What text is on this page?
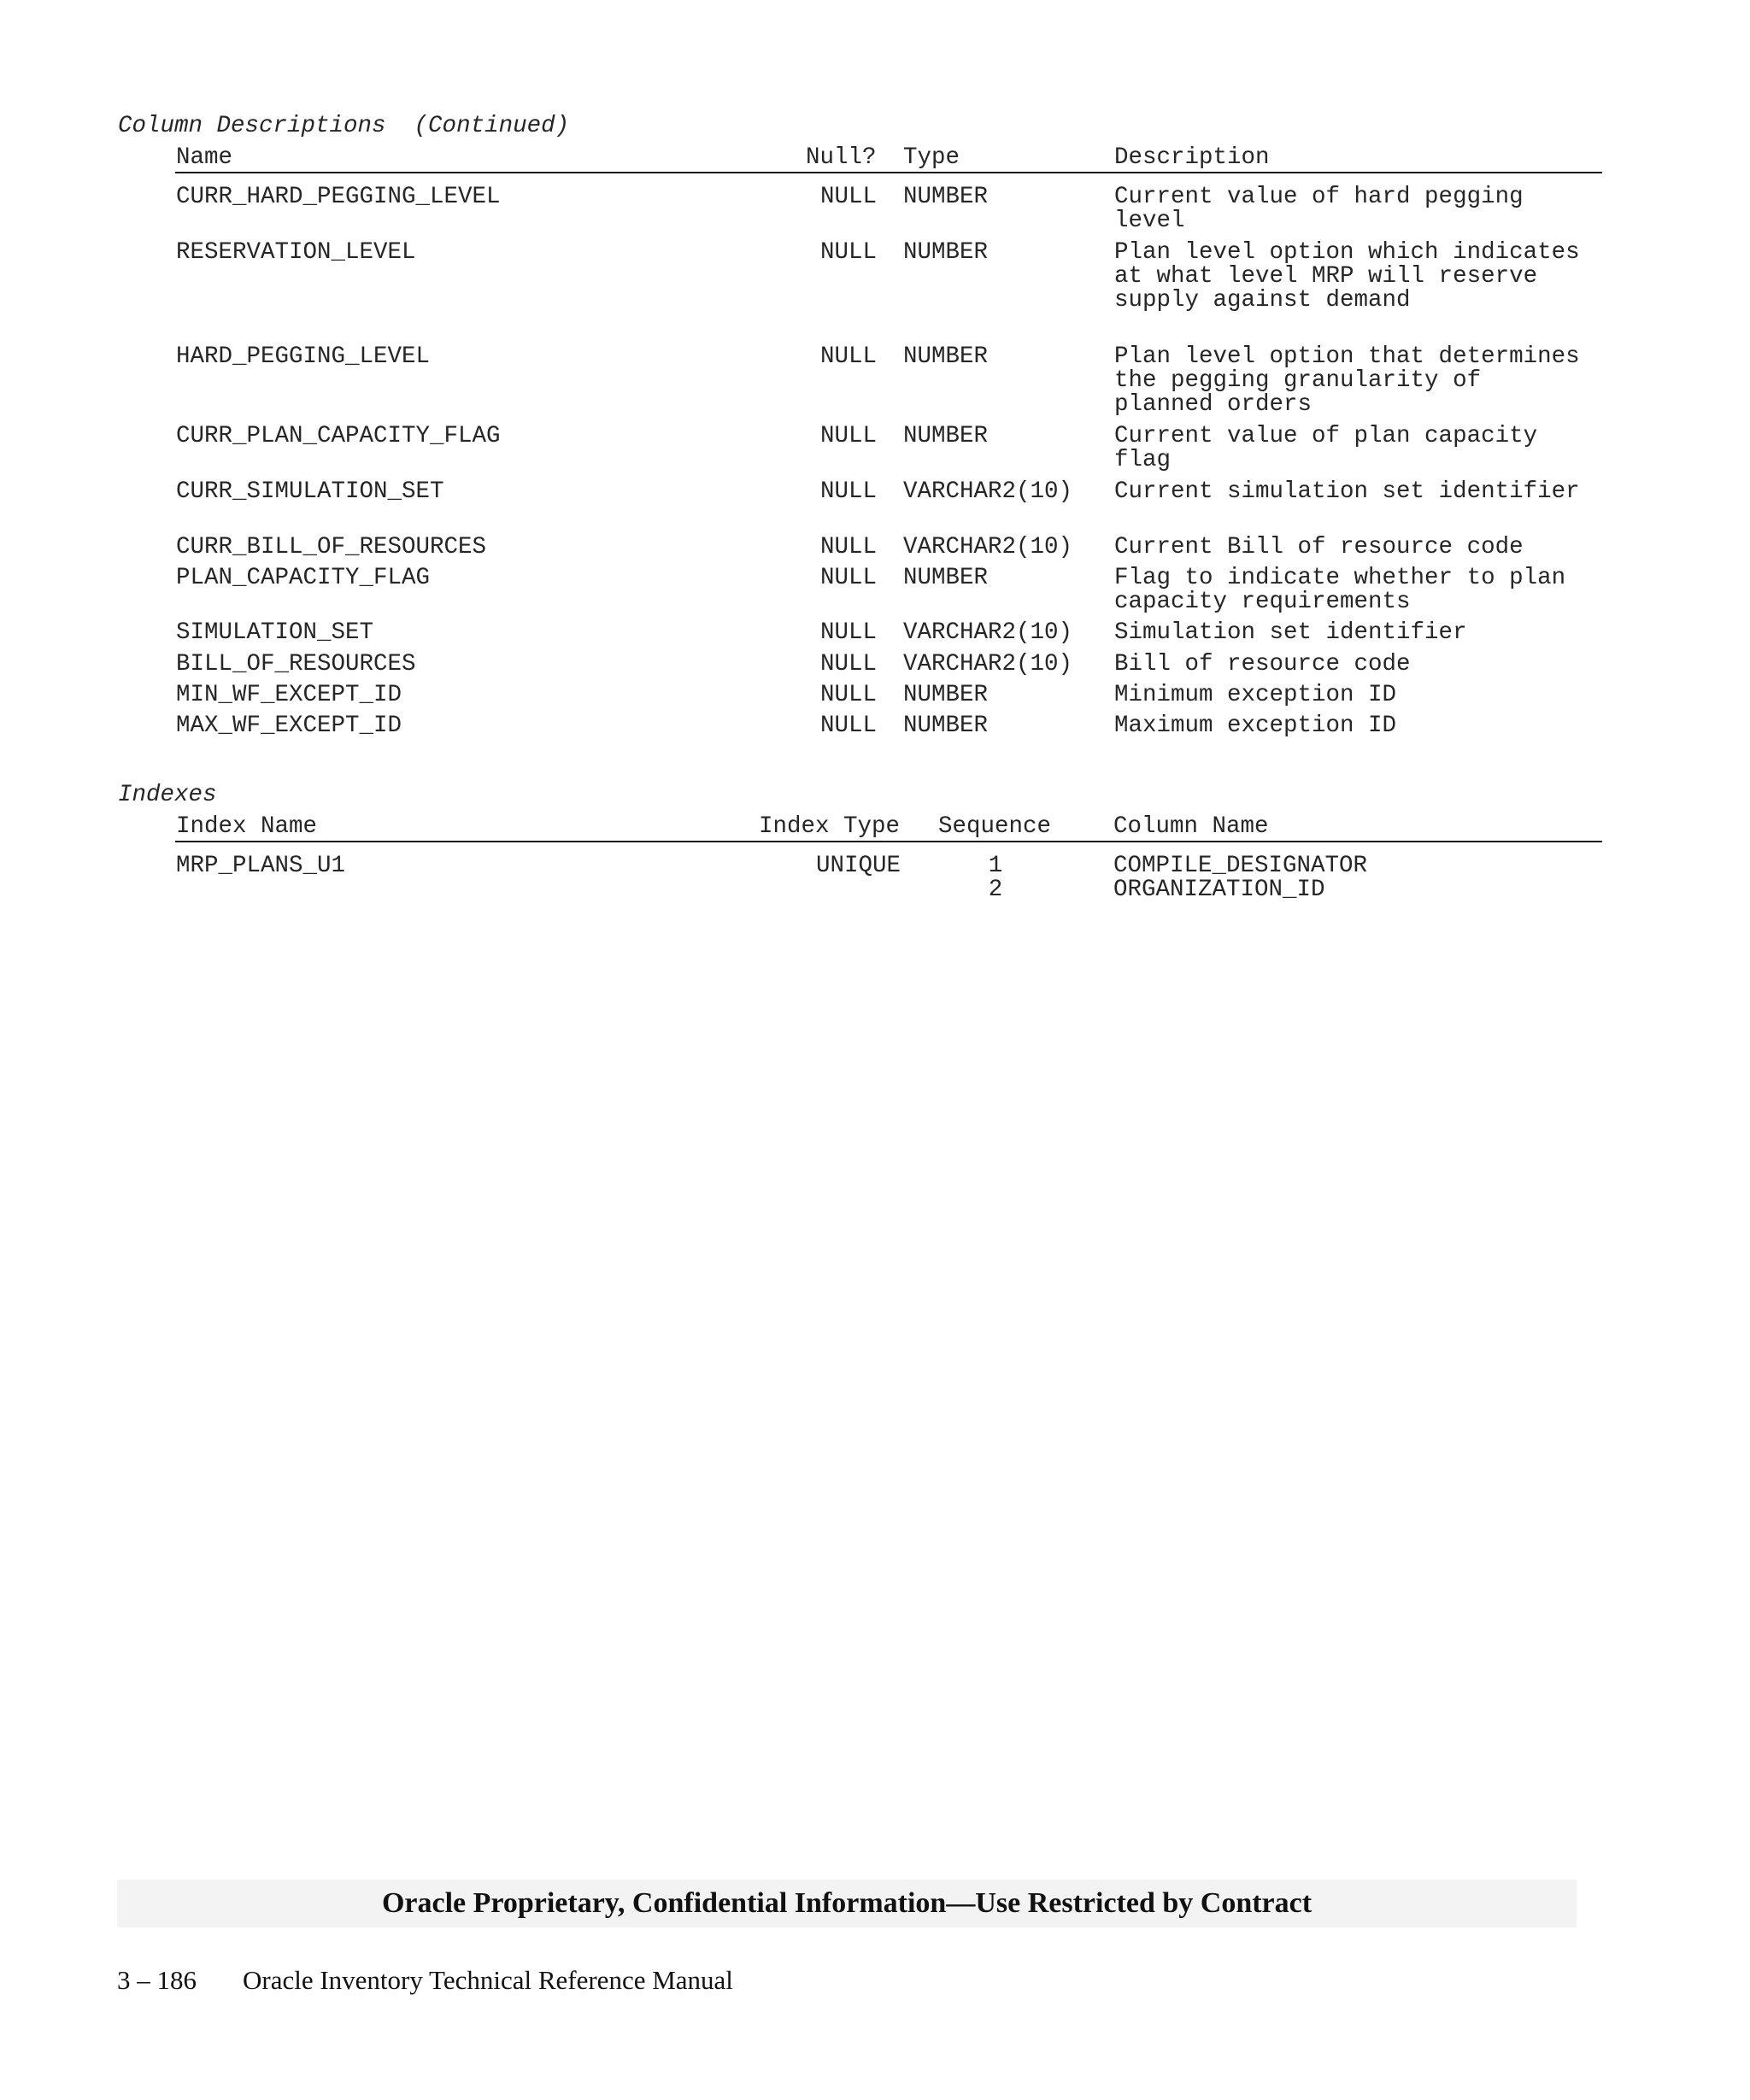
Column Descriptions  (Continued)
Name	Null? Type	Description
CURR_HARD_PEGGING_LEVEL	NULL NUMBER	Current value of hard pegging level
RESERVATION_LEVEL	NULL NUMBER	Plan level option which indicates at what level MRP will reserve supply against demand
HARD_PEGGING_LEVEL	NULL NUMBER	Plan level option that determines the pegging granularity of planned orders
CURR_PLAN_CAPACITY_FLAG	NULL NUMBER	Current value of plan capacity flag
CURR_SIMULATION_SET	NULL VARCHAR2(10) Current simulation set identifier
CURR_BILL_OF_RESOURCES	NULL VARCHAR2(10) Current Bill of resource code
PLAN_CAPACITY_FLAG	NULL NUMBER	Flag to indicate whether to plan capacity requirements
SIMULATION_SET	NULL VARCHAR2(10) Simulation set identifier
BILL_OF_RESOURCES	NULL VARCHAR2(10) Bill of resource code
MIN_WF_EXCEPT_ID	NULL NUMBER	Minimum exception ID
MAX_WF_EXCEPT_ID	NULL NUMBER	Maximum exception ID
Indexes
Index Name	Index Type Sequence	Column Name
MRP_PLANS_U1	UNIQUE	1	COMPILE_DESIGNATOR
2	ORGANIZATION_ID
Oracle Proprietary, Confidential Information––Use Restricted by Contract
3 – 186 Oracle Inventory Technical Reference Manual
